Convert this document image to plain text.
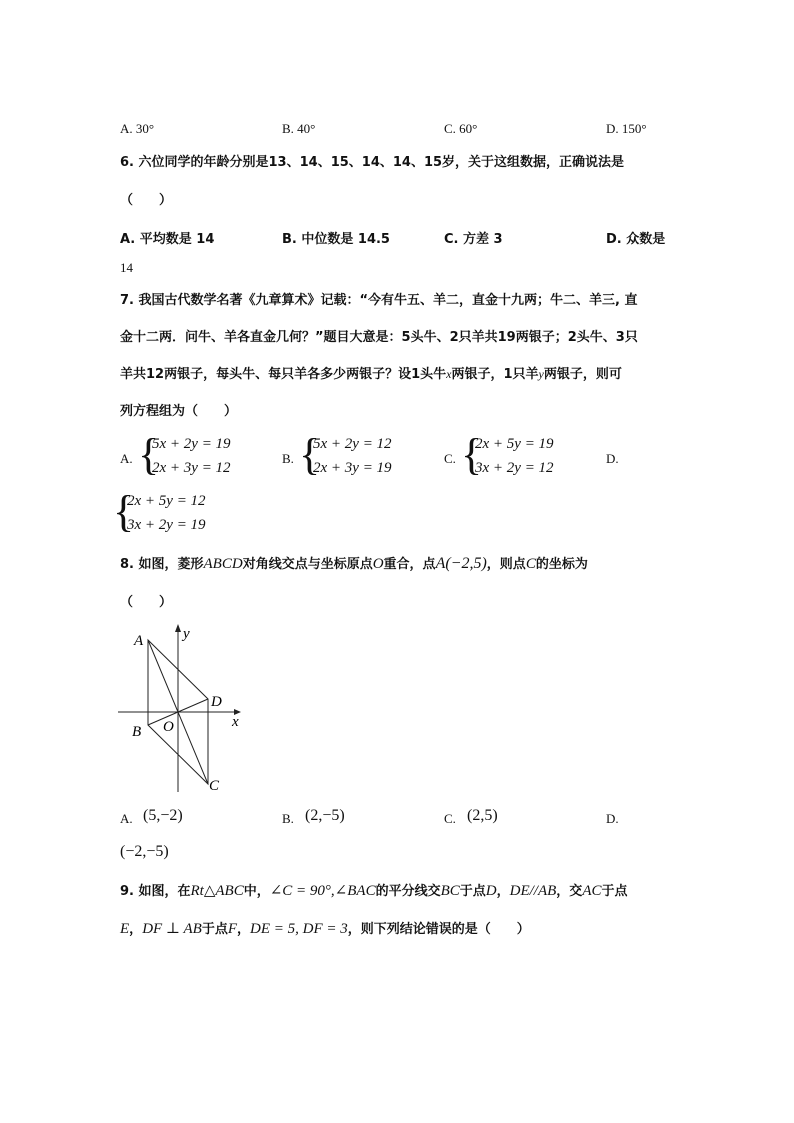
A. 30°	B. 40°	C. 60°	D. 150°
6. 六位同学的年龄分别是13、14、15、14、14、15岁，关于这组数据，正确说法是
（　　）
A. 平均数是 14	B. 中位数是 14.5	C. 方差 3	D. 众数是
14
7. 我国古代数学名著《九章算术》记载：“今有牛五、羊二，直金十九两；牛二、羊三, 直
金十二两．问牛、羊各直金几何？”题目大意是：5头牛、2只羊共19两银子；2头牛、3只
羊共12两银子，每头牛、每只羊各多少两银子？设1头牛x两银子，1只羊y两银子，则可
列方程组为（　　）
A. {
5x + 2y = 19
2x + 3y = 12
B. {
5x + 2y = 12
2x + 3y = 19
C. {
2x + 5y = 19
3x + 2y = 12
D.
{
2x + 5y = 12
3x + 2y = 19
8. 如图，菱形ABCD对角线交点与坐标原点O重合，点A(−2,5)，则点C的坐标为
（　　）
A
B
C
D
O	x
y
A. (5,−2)	B. (2,−5)	C. (2,5)	D.
(−2,−5)
9. 如图，在Rt△ABC中，∠C = 90°,∠BAC的平分线交BC于点D，DE//AB，交AC于点
E，DF ⊥ AB于点F，DE = 5, DF = 3，则下列结论错误的是（　　）
